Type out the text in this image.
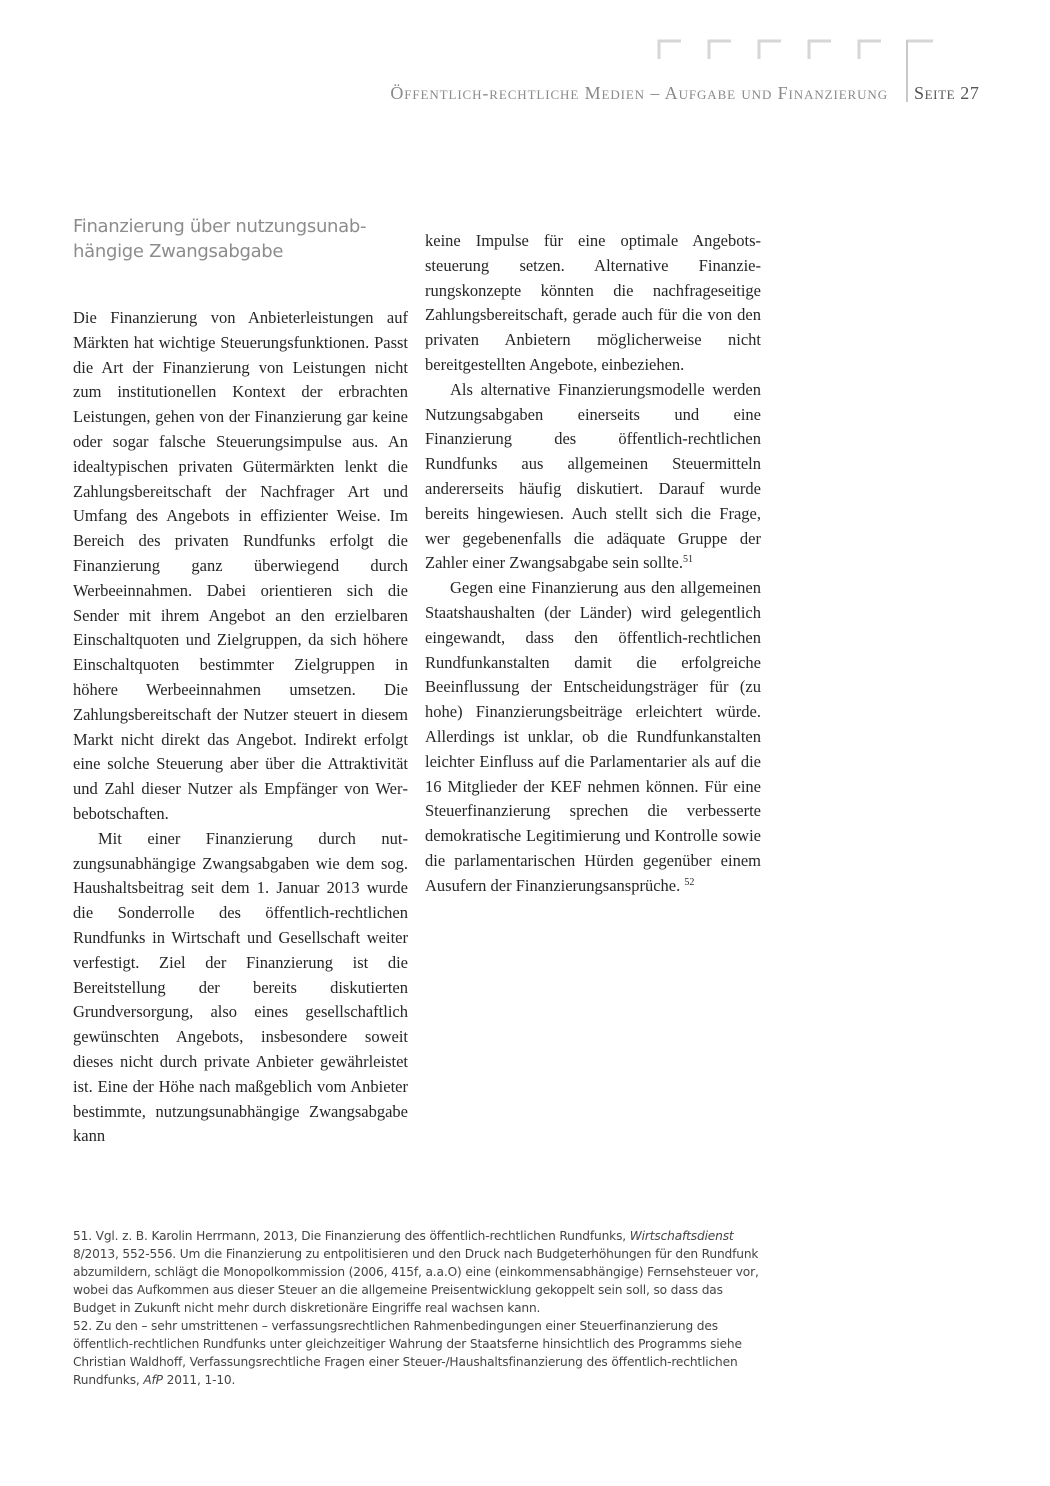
Öffentlich-rechtliche Medien – Aufgabe und Finanzierung Seite 27
Finanzierung über nutzungsunab-
hängige Zwangsabgabe

Die Finanzierung von Anbieterleistungen auf Märkten hat wichtige Steuerungsfunktionen. Passt die Art der Finanzierung von Leistungen nicht zum institutionellen Kontext der erbrachten Leistungen, gehen von der Finanzierung gar keine oder sogar falsche Steuerungsimpulse aus. An idealtypischen privaten Gütermärkten lenkt die Zahlungsbereitschaft der Nachfrager Art und Umfang des Angebots in effizienter Weise. Im Bereich des privaten Rundfunks erfolgt die Finanzierung ganz überwiegend durch Werbeeinnahmen. Dabei orientieren sich die Sender mit ihrem Angebot an den erzielbaren Einschaltquoten und Zielgruppen, da sich höhere Einschaltquoten bestimmter Zielgruppen in höhere Werbeeinnahmen umsetzen. Die Zahlungsbereitschaft der Nutzer steuert in diesem Markt nicht direkt das Angebot. Indirekt erfolgt eine solche Steuerung aber über die Attraktivität und Zahl dieser Nutzer als Empfänger von Werbebotschaften.

Mit einer Finanzierung durch nutzungsunabhängige Zwangsabgaben wie dem sog. Haushaltsbeitrag seit dem 1. Januar 2013 wurde die Sonderrolle des öffentlich-rechtlichen Rundfunks in Wirtschaft und Gesellschaft weiter verfestigt. Ziel der Finanzierung ist die Bereitstellung der bereits diskutierten Grundversorgung, also eines gesellschaftlich gewünschten Angebots, insbesondere soweit dieses nicht durch private Anbieter gewährleistet ist. Eine der Höhe nach maßgeblich vom Anbieter bestimmte, nutzungsunabhängige Zwangsabgabe kann

keine Impulse für eine optimale Angebotssteuerung setzen. Alternative Finanzierungskonzepte könnten die nachfrageseitige Zahlungsbereitschaft, gerade auch für die von den privaten Anbietern möglicherweise nicht bereitgestellten Angebote, einbeziehen.

Als alternative Finanzierungsmodelle werden Nutzungsabgaben einerseits und eine Finanzierung des öffentlich-rechtlichen Rundfunks aus allgemeinen Steuermitteln andererseits häufig diskutiert. Darauf wurde bereits hingewiesen. Auch stellt sich die Frage, wer gegebenenfalls die adäquate Gruppe der Zahler einer Zwangsabgabe sein sollte.$^{51}$

Gegen eine Finanzierung aus den allgemeinen Staatshaushalten (der Länder) wird gelegentlich eingewandt, dass den öffentlich-rechtlichen Rundfunkanstalten damit die erfolgreiche Beeinflussung der Entscheidungsträger für (zu hohe) Finanzierungsbeiträge erleichtert würde. Allerdings ist unklar, ob die Rundfunkanstalten leichter Einfluss auf die Parlamentarier als auf die 16 Mitglieder der KEF nehmen können. Für eine Steuerfinanzierung sprechen die verbesserte demokratische Legitimierung und Kontrolle sowie die parlamentarischen Hürden gegenüber einem Ausufern der Finanzierungsansprüche. $^{52}$

51. Vgl. z. B. Karolin Herrmann, 2013, Die Finanzierung des öffentlich-rechtlichen Rundfunks, Wirtschaftsdienst 8/2013, 552-556. Um die Finanzierung zu entpolitisieren und den Druck nach Budgeterhöhungen für den Rundfunk abzumildern, schlägt die Monopolkommission (2006, 415f, a.a.O) eine (einkommensabhängige) Fernsehsteuer vor, wobei das Aufkommen aus dieser Steuer an die allgemeine Preisentwicklung gekoppelt sein soll, so dass das Budget in Zukunft nicht mehr durch diskretionäre Eingriffe real wachsen kann.

52. Zu den – sehr umstrittenen – verfassungsrechtlichen Rahmenbedingungen einer Steuerfinanzierung des öffentlich-rechtlichen Rundfunks unter gleichzeitiger Wahrung der Staatsferne hinsichtlich des Programms siehe Christian Waldhoff, Verfassungsrechtliche Fragen einer Steuer-/Haushaltsfinanzierung des öffentlich-rechtlichen Rundfunks, AfP 2011, 1-10.
